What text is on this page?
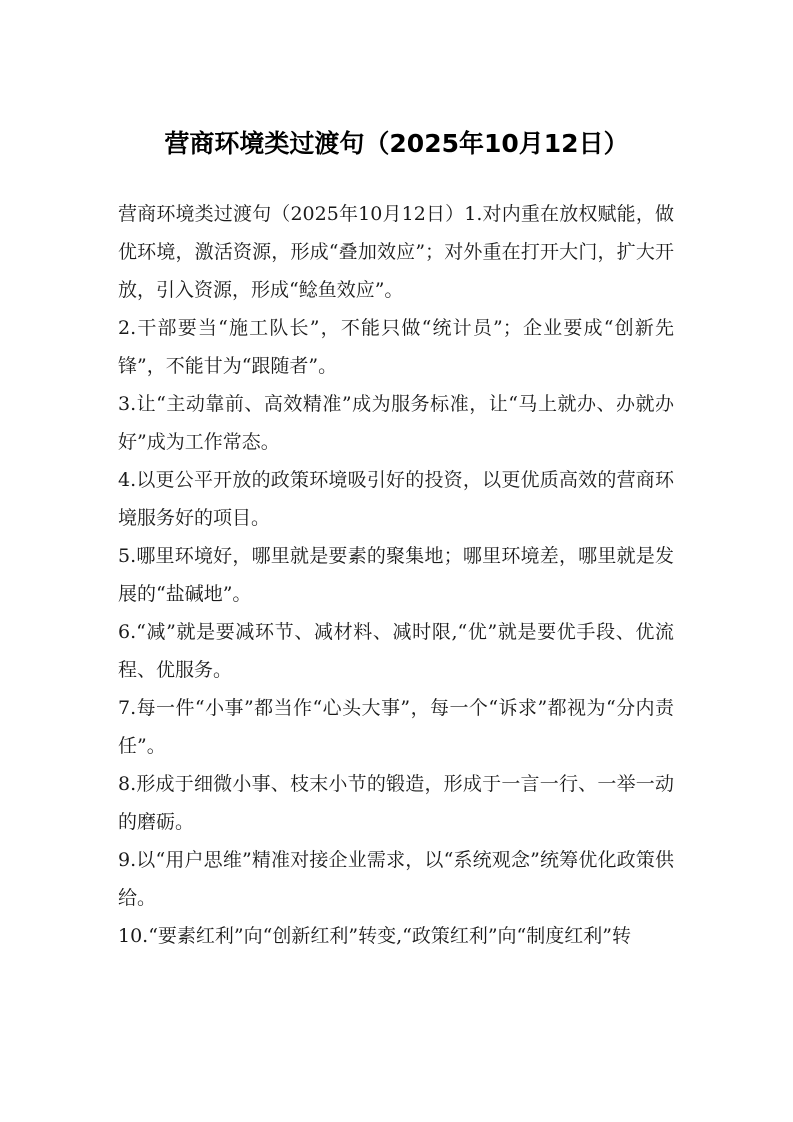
营商环境类过渡句（2025年10月12日）

营商环境类过渡句（2025年10月12日）1.对内重在放权赋能，做优环境，激活资源，形成“叠加效应”；对外重在打开大门，扩大开放，引入资源，形成“鲶鱼效应”。

2.干部要当“施工队长”，不能只做“统计员”；企业要成“创新先锋”，不能甘为“跟随者”。

3.让“主动靠前、高效精准”成为服务标准，让“马上就办、办就办好”成为工作常态。

4.以更公平开放的政策环境吸引好的投资，以更优质高效的营商环境服务好的项目。

5.哪里环境好，哪里就是要素的聚集地；哪里环境差，哪里就是发展的“盐碱地”。

6.“减”就是要减环节、减材料、减时限,“优”就是要优手段、优流程、优服务。

7.每一件“小事”都当作“心头大事”，每一个“诉求”都视为“分内责任”。

8.形成于细微小事、枝末小节的锻造，形成于一言一行、一举一动的磨砺。

9.以“用户思维”精准对接企业需求，以“系统观念”统筹优化政策供给。

10.“要素红利”向“创新红利”转变,“政策红利”向“制度红利”转
